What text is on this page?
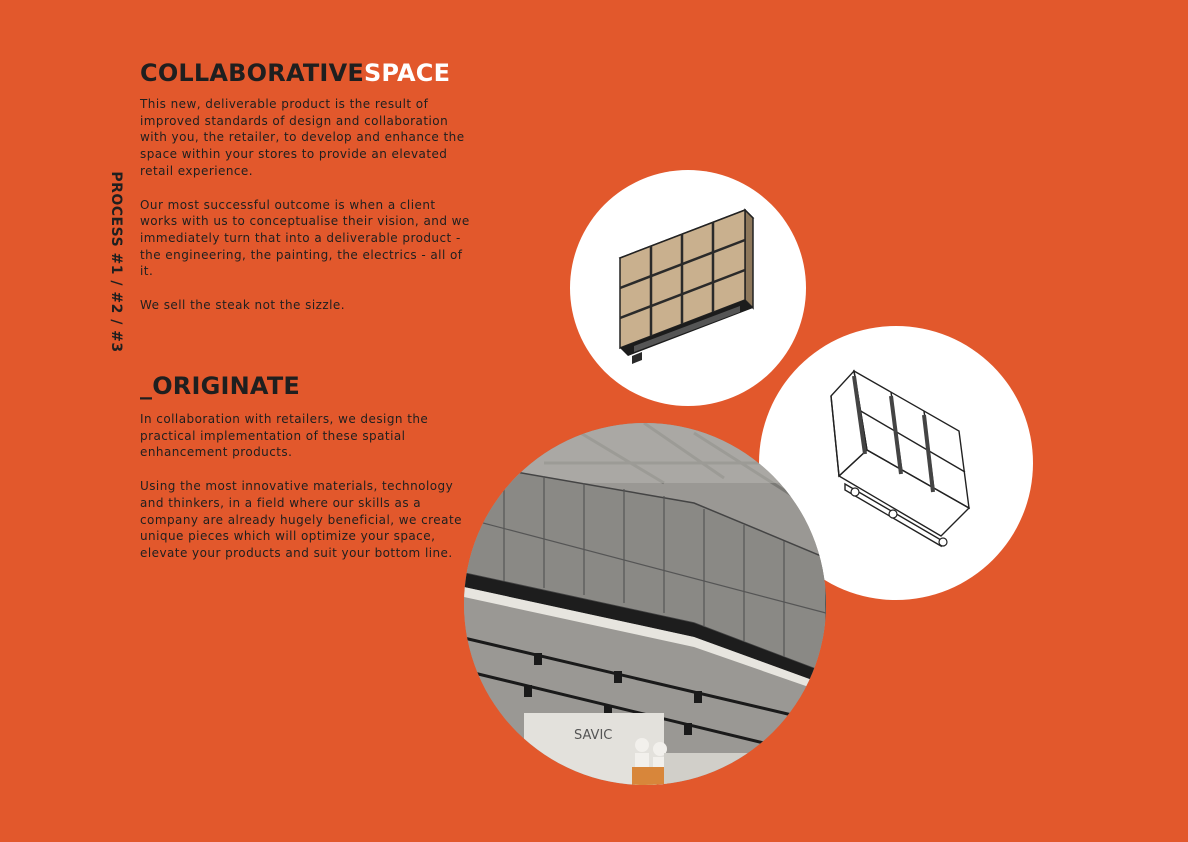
PROCESS #1 / #2 / #3
COLLABORATIVESPACE

This new, deliverable product is the result of improved standards of design and collaboration with you, the retailer, to develop and enhance the space within your stores to provide an elevated retail experience.

Our most successful outcome is when a client works with us to conceptualise their vision, and we immediately turn that into a deliverable product - the engineering, the painting, the electrics - all of it.

We sell the steak not the sizzle.

_ORIGINATE

In collaboration with retailers, we design the practical implementation of these spatial enhancement products.

Using the most innovative materials, technology and thinkers, in a field where our skills as a company are already hugely beneficial, we create unique pieces which will optimize your space, elevate your products and suit your bottom line.

SAVIC
